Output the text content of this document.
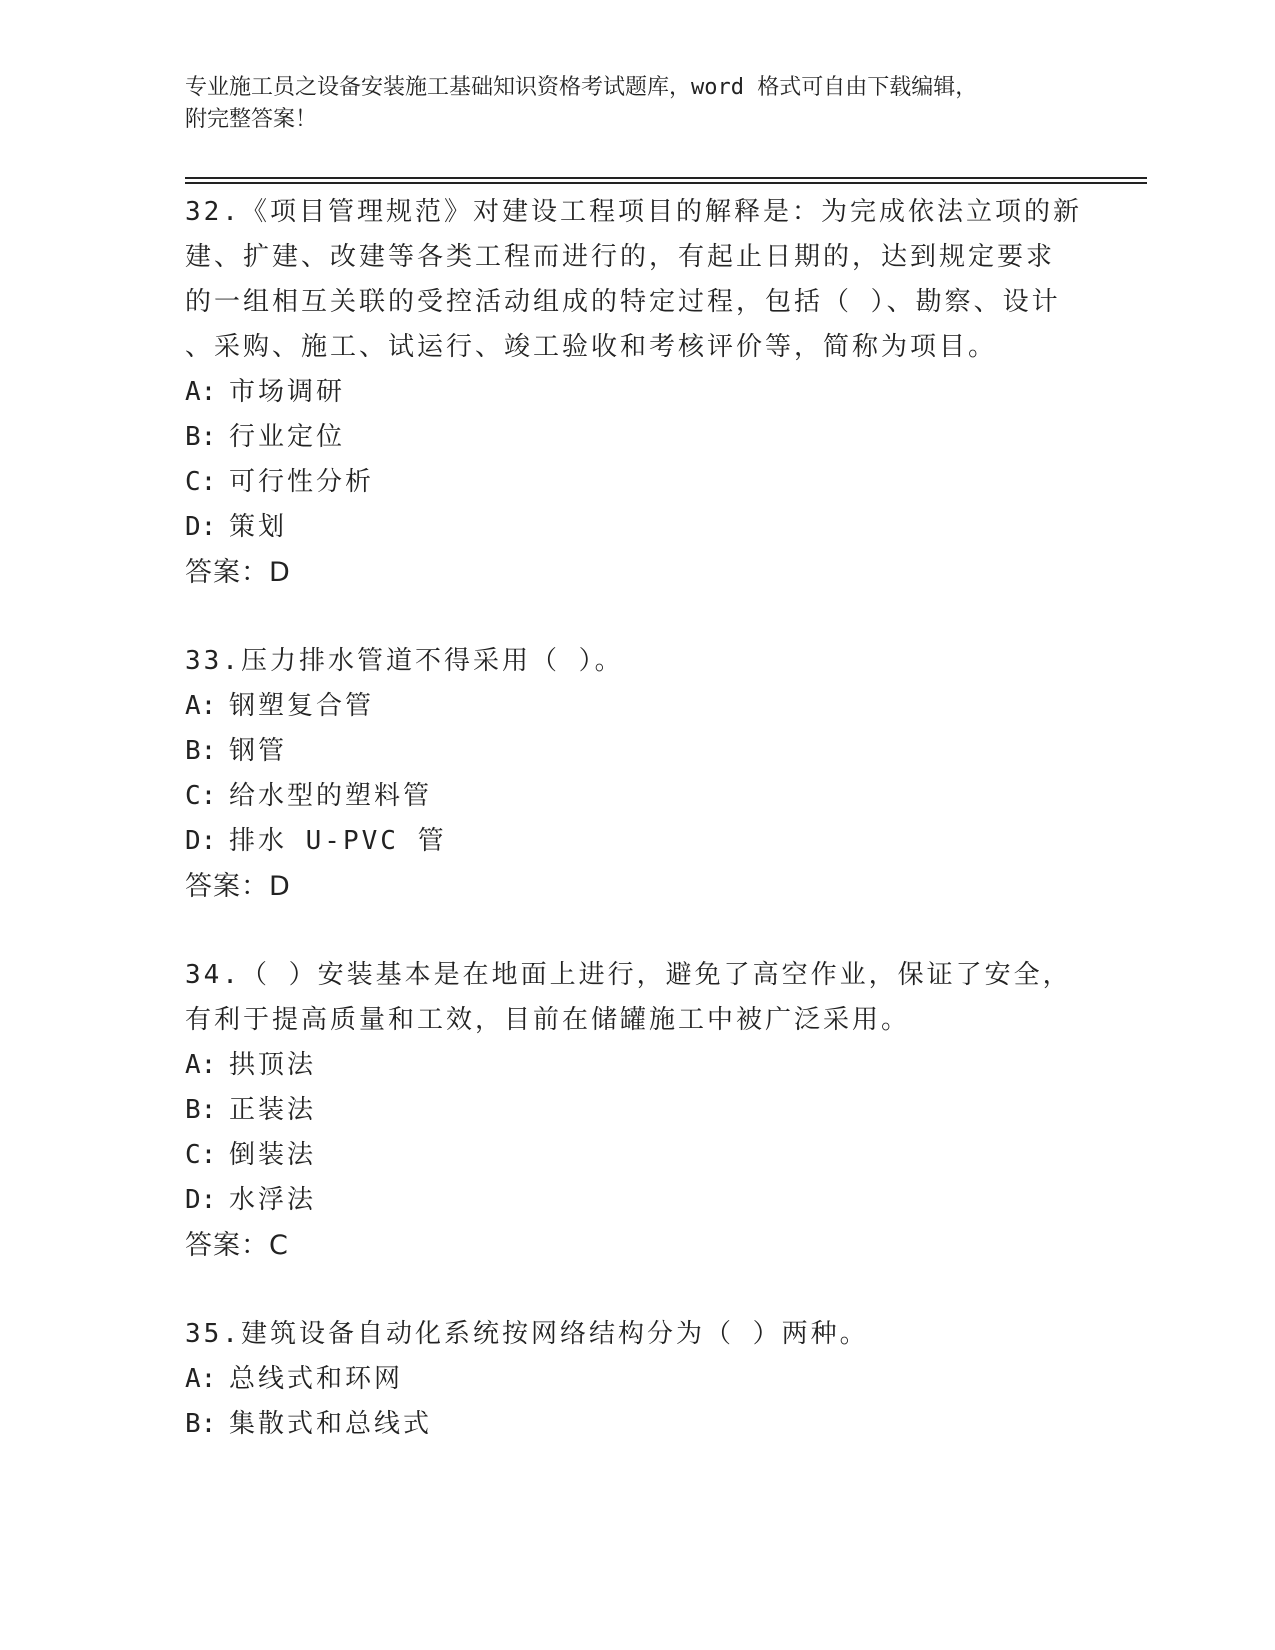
专业施工员之设备安装施工基础知识资格考试题库，word 格式可自由下载编辑，
附完整答案！
32.《项目管理规范》对建设工程项目的解释是：为完成依法立项的新
建、扩建、改建等各类工程而进行的，有起止日期的，达到规定要求
的一组相互关联的受控活动组成的特定过程，包括（ ）、勘察、设计
、采购、施工、试运行、竣工验收和考核评价等，简称为项目。
A: 市场调研
B: 行业定位
C: 可行性分析
D: 策划
答案：D
33.压力排水管道不得采用（ ）。
A: 钢塑复合管
B: 钢管
C: 给水型的塑料管
D: 排水 U-PVC 管
答案：D
34.（ ）安装基本是在地面上进行，避免了高空作业，保证了安全，
有利于提高质量和工效，目前在储罐施工中被广泛采用。
A: 拱顶法
B: 正装法
C: 倒装法
D: 水浮法
答案：C
35.建筑设备自动化系统按网络结构分为（ ）两种。
A: 总线式和环网
B: 集散式和总线式
